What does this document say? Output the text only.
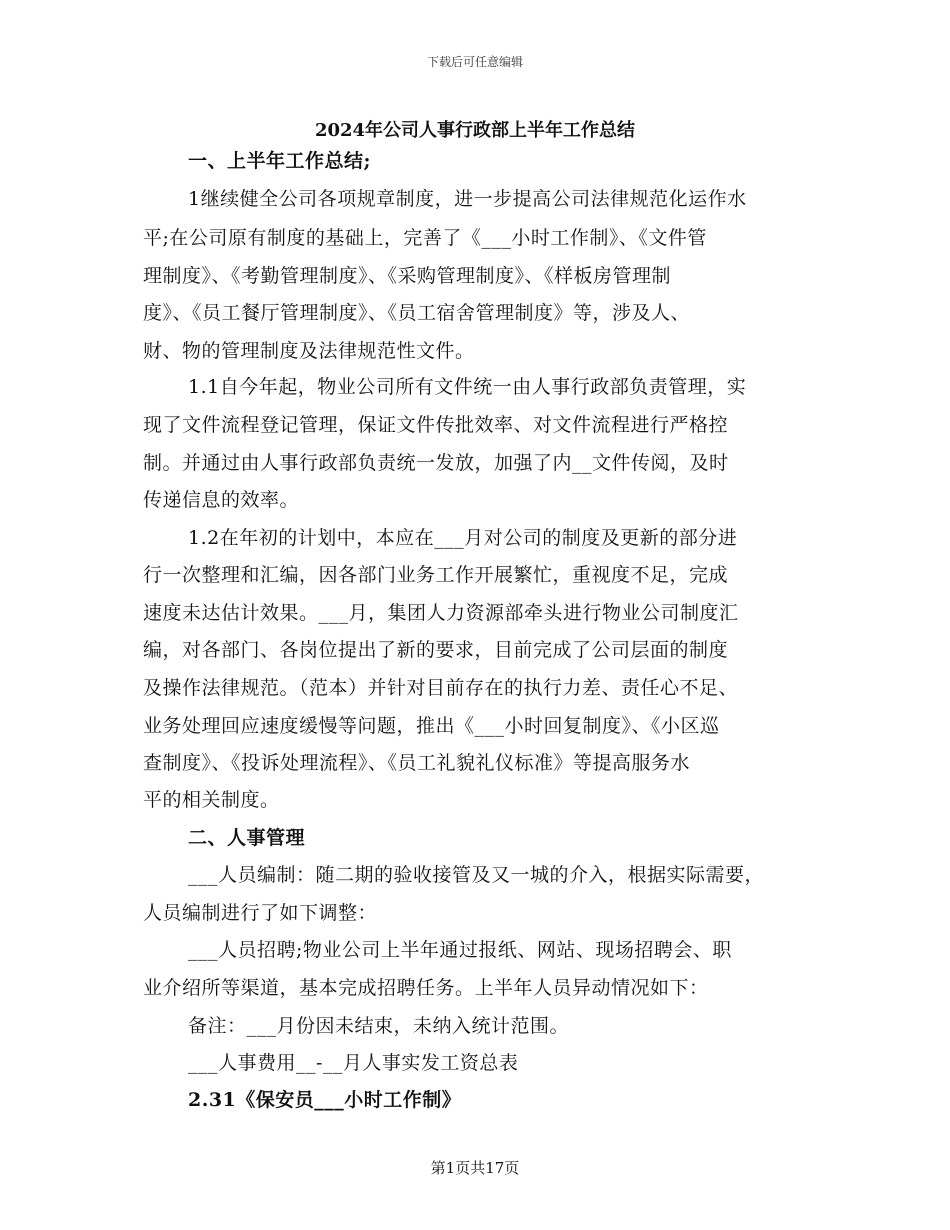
下载后可任意编辑
2024年公司人事行政部上半年工作总结
一、上半年工作总结;
1继续健全公司各项规章制度，进一步提高公司法律规范化运作水
平;在公司原有制度的基础上，完善了《___小时工作制》、《文件管
理制度》、《考勤管理制度》、《采购管理制度》、《样板房管理制
度》、《员工餐厅管理制度》、《员工宿舍管理制度》等，涉及人、
财、物的管理制度及法律规范性文件。
1.1自今年起，物业公司所有文件统一由人事行政部负责管理，实
现了文件流程登记管理，保证文件传批效率、对文件流程进行严格控
制。并通过由人事行政部负责统一发放，加强了内__文件传阅，及时
传递信息的效率。
1.2在年初的计划中，本应在___月对公司的制度及更新的部分进
行一次整理和汇编，因各部门业务工作开展繁忙，重视度不足，完成
速度未达估计效果。___月，集团人力资源部牵头进行物业公司制度汇
编，对各部门、各岗位提出了新的要求，目前完成了公司层面的制度
及操作法律规范。（范本）并针对目前存在的执行力差、责任心不足、
业务处理回应速度缓慢等问题，推出《___小时回复制度》、《小区巡
查制度》、《投诉处理流程》、《员工礼貌礼仪标准》等提高服务水
平的相关制度。
二、人事管理
___人员编制：随二期的验收接管及又一城的介入，根据实际需要，
人员编制进行了如下调整：
___人员招聘;物业公司上半年通过报纸、网站、现场招聘会、职
业介绍所等渠道，基本完成招聘任务。上半年人员异动情况如下：
备注：___月份因未结束，未纳入统计范围。
___人事费用__-__月人事实发工资总表
2.31《保安员___小时工作制》
第1页共17页
